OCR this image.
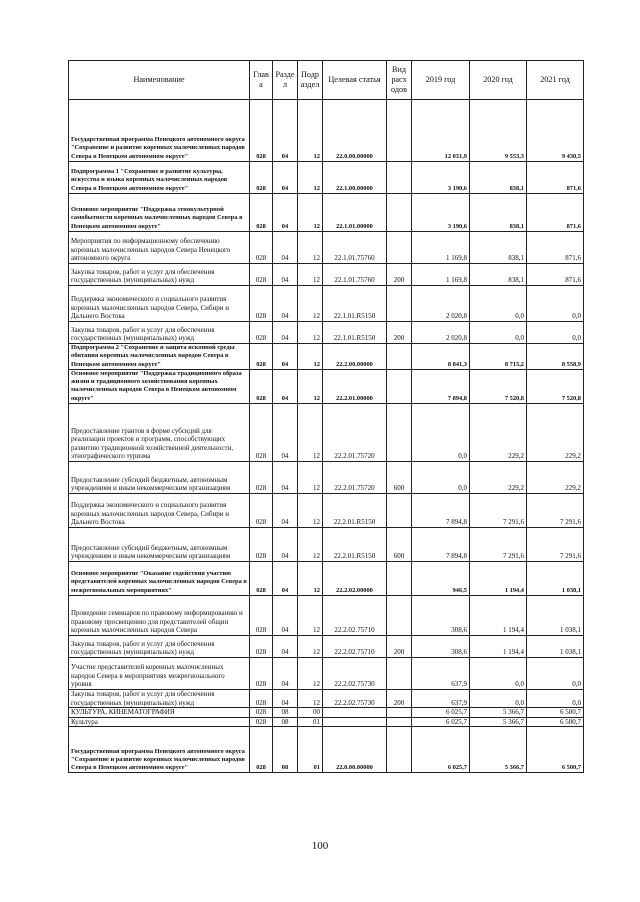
Наименование	Глав а	Разде л	Подр аздел	Целевая статья	Вид расх одов	2019 год	2020 год	2021 год
Государственная программа Ненецкого автономного округа "Сохранение и развитие коренных малочисленных народов Севера в Ненецком автономном округе"	028	04	12	22.0.00.00000		12 031,9	9 553,3	9 430,5
Подпрограмма 1 "Сохранение и развитие культуры, искусства и языка коренных малочисленных народов Севера в Ненецком автономном округе"	028	04	12	22.1.00.00000		3 190,6	838,1	871,6
Основное мероприятие "Поддержка этнокультурной самобытности коренных малочисленных народов Севера в Ненецком автономном округе"	028	04	12	22.1.01.00000		3 190,6	838,1	871,6
Мероприятия по информационному обеспечению коренных малочисленных народов Севера Ненецкого автономного округа	028	04	12	22.1.01.75760		1 169,8	838,1	871,6
Закупка товаров, работ и услуг для обеспечения государственных (муниципальных) нужд	028	04	12	22.1.01.75760	200	1 169,8	838,1	871,6
Поддержка экономического и социального развития коренных малочисленных народов Севера, Сибири и Дальнего Востока	028	04	12	22.1.01.R5150		2 020,8	0,0	0,0
Закупка товаров, работ и услуг для обеспечения государственных (муниципальных) нужд	028	04	12	22.1.01.R5150	200	2 020,8	0,0	0,0
Подпрограмма 2 "Сохранение и защита исконной среды обитания коренных малочисленных народов Севера в Ненецком автономном округе"	028	04	12	22.2.00.00000		8 841,3	8 715,2	8 558,9
Основное мероприятие "Поддержка традиционного образа жизни и традиционного хозяйствования коренных малочисленных народов Севера в Ненецком автономном округе"	028	04	12	22.2.01.00000		7 894,8	7 520,8	7 520,8
Предоставление грантов в форме субсидий для реализации проектов и программ, способствующих развитию традиционной хозяйственной деятельности, этнографического туризма	028	04	12	22.2.01.75720		0,0	229,2	229,2
Предоставление субсидий бюджетным, автономным учреждениям и иным некоммерческим организациям	028	04	12	22.2.01.75720	600	0,0	229,2	229,2
Поддержка экономического и социального развития коренных малочисленных народов Севера, Сибири и Дальнего Востока	028	04	12	22.2.01.R5150		7 894,8	7 291,6	7 291,6
Предоставление субсидий бюджетным, автономным учреждениям и иным некоммерческим организациям	028	04	12	22.2.01.R5150	600	7 894,8	7 291,6	7 291,6
Основное мероприятие "Оказание содействия участию представителей коренных малочисленных народов Севера в межрегиональных мероприятиях"	028	04	12	22.2.02.00000		946,5	1 194,4	1 038,1
Проведение семинаров по правовому информированию и правовому просвещению для представителей общин коренных малочисленных народов Севера	028	04	12	22.2.02.75710		308,6	1 194,4	1 038,1
Закупка товаров, работ и услуг для обеспечения государственных (муниципальных) нужд	028	04	12	22.2.02.75710	200	308,6	1 194,4	1 038,1
Участие представителей коренных малочисленных народов Севера в мероприятиях межрегионального уровня	028	04	12	22.2.02.75730		637,9	0,0	0,0
Закупка товаров, работ и услуг для обеспечения государственных (муниципальных) нужд	028	04	12	22.2.02.75730	200	637,9	0,0	0,0
КУЛЬТУРА, КИНЕМАТОГРАФИЯ	028	08	00			6 025,7	5 366,7	6 500,7
Культура	028	08	01			6 025,7	5 366,7	6 500,7
Государственная программа Ненецкого автономного округа "Сохранение и развитие коренных малочисленных народов Севера в Ненецком автономном округе"	028	08	01	22.0.00.00000		6 025,7	5 366,7	6 500,7
100
